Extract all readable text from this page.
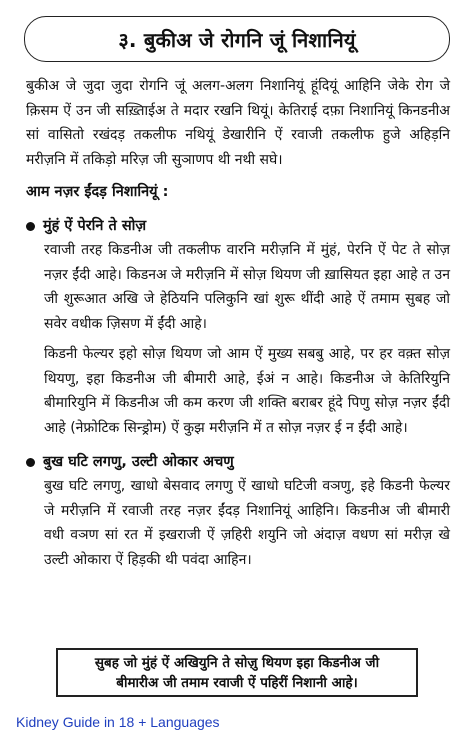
३. बुकीअ जे रोगनि जूं निशानियूं

बुकीअ जे जुदा जुदा रोगनि जूं अलग-अलग निशानियूं हूंदियूं आहिनि जेके रोग जे क़िसम ऐं उन जी सख़्तिाईअ ते मदार रखनि थियूं। केतिराई दफ़ा निशानियूं किनडनीअ सां वासितो रखंदड़ तकलीफ नथियूं डेखारीनि ऐं रवाजी तकलीफ हुजे अहिड़नि मरीज़नि में तकिड़ो मरिज़ जी सुञाणप थी नथी सघे।

आम नज़र ईंदड़ निशानियूं :
मुंहं ऐं पेरनि ते सोज़

रवाजी तरह किडनीअ जी तकलीफ वारनि मरीज़नि में मुंहं, पेरनि ऐं पेट ते सोज़ नज़र ईंदी आहे। किडनअ जे मरीज़नि में सोज़ थियण जी ख़ासियत इहा आहे त उन जी शुरूआत अखि जे हेठियनि पलिकुनि खां शुरू थींदी आहे ऐं तमाम सुबह जो सवेर वधीक ज़िसण में ईंदी आहे।

किडनी फेल्यर इहो सोज़ थियण जो आम ऐं मुख्य सबबु आहे, पर हर वक़्त सोज़ थियणु, इहा किडनीअ जी बीमारी आहे, ईअं न आहे। किडनीअ जे केतिरियुनि बीमारियुनि में किडनीअ जी कम करण जी शक्ति बराबर हूंदे पिणु सोज़ नज़र ईंदी आहे (नेफ्रोटिक सिन्ड्रोम) ऐं कुझ मरीज़नि में त सोज़ नज़र ई न ईंदी आहे।

बुख घटि लगणु, उल्टी ओकार अचणु

बुख घटि लगणु, खाधो बेसवाद लगणु ऐं खाधो घटिजी वञणु, इहे किडनी फेल्यर जे मरीज़नि में रवाजी तरह नज़र ईंदड़ निशानियूं आहिनि। किडनीअ जी बीमारी वधी वञण सां रत में इखराजी ऐं ज़हिरी शयुनि जो अंदाज़ वधण सां मरीज़ खे उल्टी ओकारा ऐं हिड़की थी पवंदा आहिन।

सुबह जो मुंहं ऐं अखियुनि ते सोज़ु थियण इहा किडनीअ जी
बीमारीअ जी तमाम रवाजी ऐं पहिरीं निशानी आहे।
Kidney Guide in 18 + Languages
